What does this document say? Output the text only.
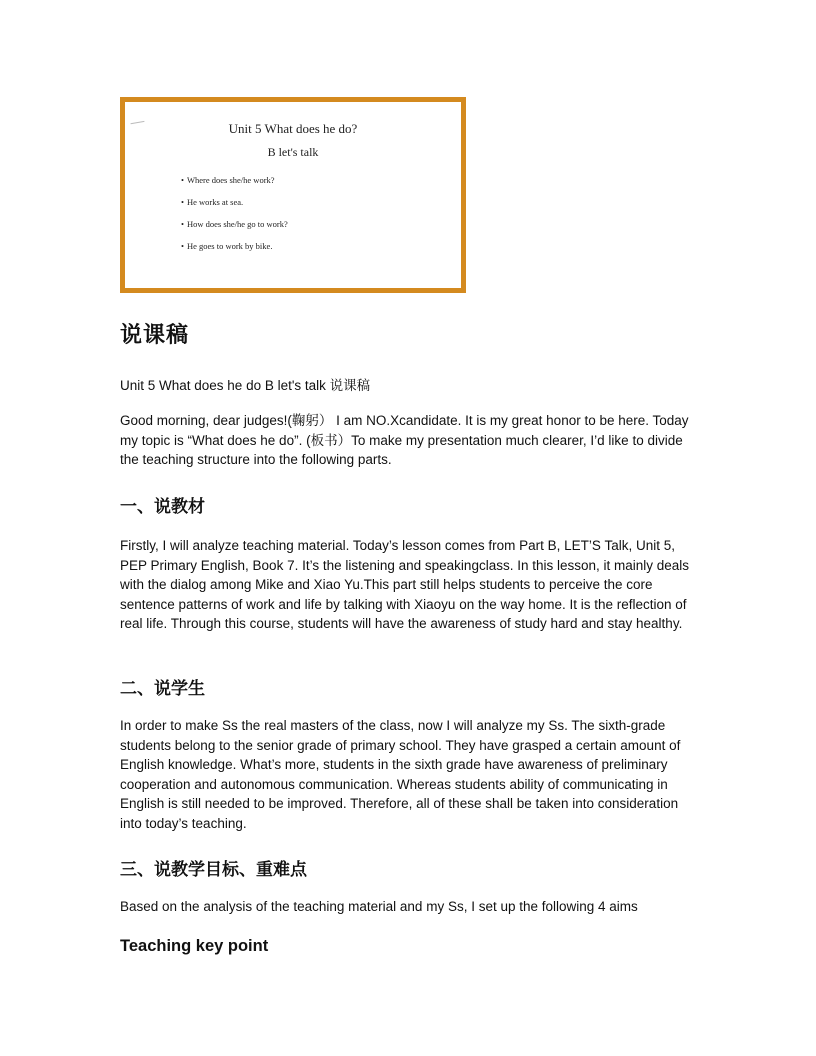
Unit 5 What does he do?
B let's talk
• Where does she/he work?
• He works at sea.
• How does she/he go to work?
• He goes to work by bike.
说课稿
Unit 5 What does he do B let's talk 说课稿

Good morning, dear judges!(鞠躬） I am NO.Xcandidate. It is my great honor to be here. Today my topic is “What does he do”. (板书）To make my presentation much clearer, I’d like to divide the teaching structure into the following parts.

一、说教材

Firstly, I will analyze teaching material. Today’s lesson comes from Part B, LET’S Talk, Unit 5, PEP Primary English, Book 7. It’s the listening and speakingclass. In this lesson, it mainly deals with the dialog among Mike and Xiao Yu.This part still helps students to perceive the core sentence patterns of work and life by talking with Xiaoyu on the way home. It is the reflection of real life. Through this course, students will have the awareness of study hard and stay healthy.

二、说学生

In order to make Ss the real masters of the class, now I will analyze my Ss. The sixth-grade students belong to the senior grade of primary school. They have grasped a certain amount of English knowledge. What’s more, students in the sixth grade have awareness of preliminary cooperation and autonomous communication. Whereas students ability of communicating in English is still needed to be improved. Therefore, all of these shall be taken into consideration into today’s teaching.

三、说教学目标、重难点

Based on the analysis of the teaching material and my Ss, I set up the following 4 aims

Teaching key point
